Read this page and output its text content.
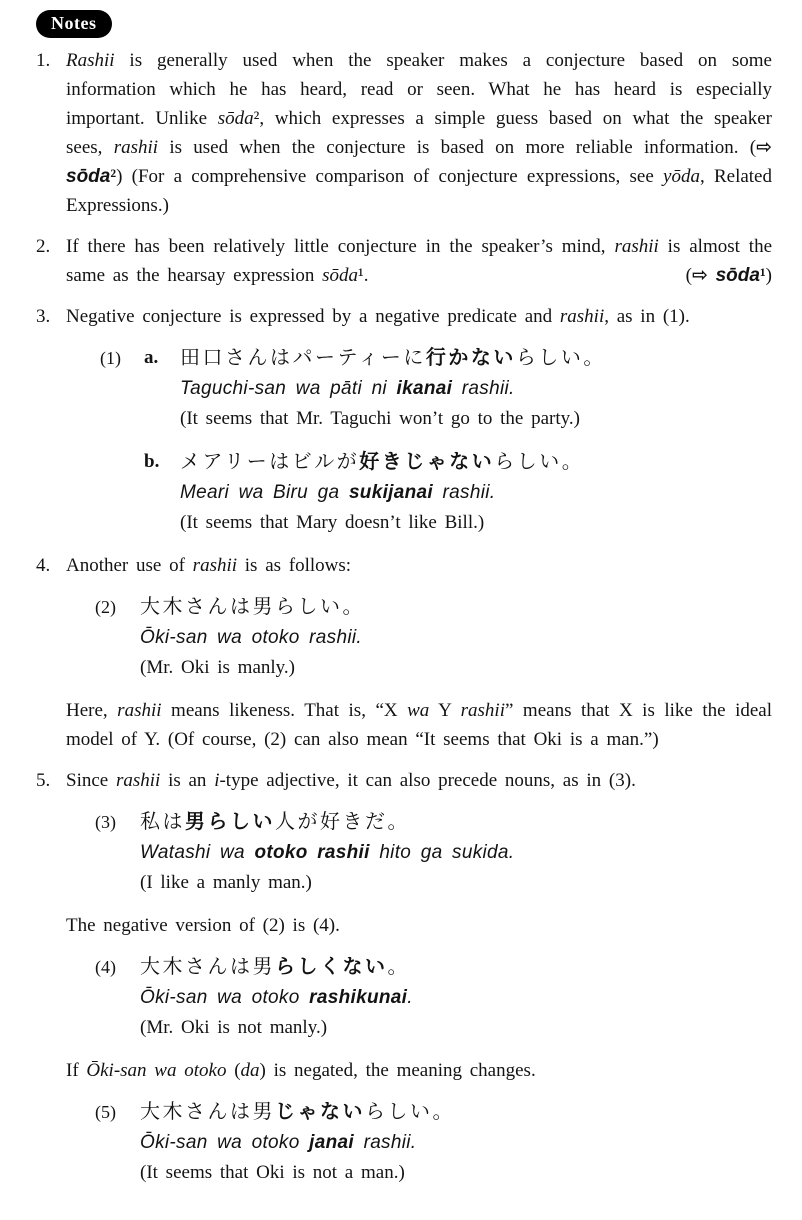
Notes
1. Rashii is generally used when the speaker makes a conjecture based on some information which he has heard, read or seen. What he has heard is especially important. Unlike sōda², which expresses a simple guess based on what the speaker sees, rashii is used when the conjecture is based on more reliable information. (⇨ sōda²) (For a comprehensive comparison of conjecture expressions, see yōda, Related Expressions.)
2. If there has been relatively little conjecture in the speaker’s mind, rashii is almost the same as the hearsay expression sōda¹.	(⇨ sōda¹)
3. Negative conjecture is expressed by a negative predicate and rashii, as in (1).
(1)	a.	田口さんはパーティーに行かないらしい。
Taguchi-san wa pāti ni ikanai rashii.
(It seems that Mr. Taguchi won’t go to the party.)
b.	メアリーはビルが好きじゃないらしい。
Meari wa Biru ga sukijanai rashii.
(It seems that Mary doesn’t like Bill.)
4. Another use of rashii is as follows:
(2)	大木さんは男らしい。
Ōki-san wa otoko rashii.
(Mr. Oki is manly.)
Here, rashii means likeness. That is, “X wa Y rashii” means that X is like the ideal model of Y. (Of course, (2) can also mean “It seems that Oki is a man.”)
5. Since rashii is an i-type adjective, it can also precede nouns, as in (3).
(3)	私は男らしい人が好きだ。
Watashi wa otoko rashii hito ga sukida.
(I like a manly man.)
The negative version of (2) is (4).
(4)	大木さんは男らしくない。
Ōki-san wa otoko rashikunai.
(Mr. Oki is not manly.)
If Ōki-san wa otoko (da) is negated, the meaning changes.
(5)	大木さんは男じゃないらしい。
Ōki-san wa otoko janai rashii.
(It seems that Oki is not a man.)
